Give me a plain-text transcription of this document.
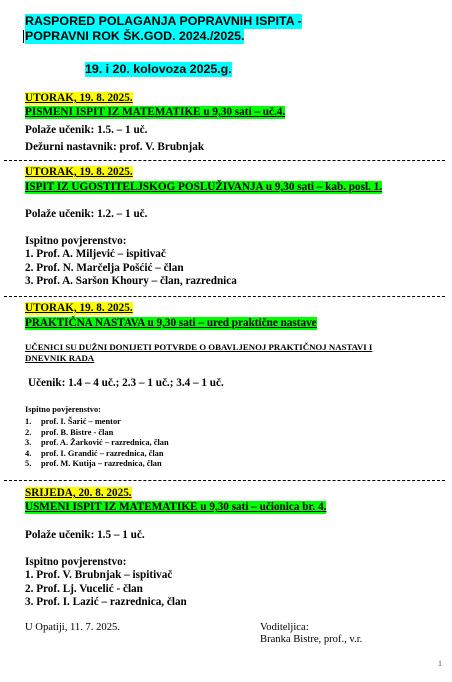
RASPORED POLAGANJA POPRAVNIH ISPITA -
POPRAVNI ROK ŠK.GOD. 2024./2025.
19. i 20. kolovoza 2025.g.
UTORAK, 19. 8. 2025.
PISMENI ISPIT IZ MATEMATIKE u 9,30 sati – uč.4.
Polaže učenik: 1.5. – 1 uč.
Dežurni nastavnik: prof. V. Brubnjak
UTORAK, 19. 8. 2025.
ISPIT IZ UGOSTITELJSKOG POSLUŽIVANJA u 9,30 sati – kab. posl. 1.
Polaže učenik: 1.2. – 1 uč.
Ispitno povjerenstvo:
1. Prof. A. Miljević – ispitivač
2. Prof. N. Marčelja Pošćić – član
3. Prof. A. Saršon Khoury – član, razrednica
UTORAK, 19. 8. 2025.
PRAKTIČNA NASTAVA u 9,30 sati – ured praktične nastave
UČENICI SU DUŽNI DONIJETI POTVRDE O OBAVLJENOJ PRAKTIČNOJ NASTAVI I
DNEVNIK RADA
Učenik: 1.4 – 4 uč.; 2.3 – 1 uč.; 3.4 – 1 uč.
Ispitno povjerenstvo:
1. prof. I. Šarić – mentor
2. prof. B. Bistre - član
3. prof. A. Žarković – razrednica, član
4. prof. I. Grandić – razrednica, član
5. prof. M. Kutija – razrednica, član
SRIJEDA, 20. 8. 2025.
USMENI ISPIT IZ MATEMATIKE u 9,30 sati – učionica br. 4.
Polaže učenik: 1.5 – 1 uč.
Ispitno povjerenstvo:
1. Prof. V. Brubnjak – ispitivač
2. Prof. Lj. Vucelić - član
3. Prof. I. Lazić – razrednica, član
U Opatiji, 11. 7. 2025.	Voditeljica:
Branka Bistre, prof., v.r.
1
